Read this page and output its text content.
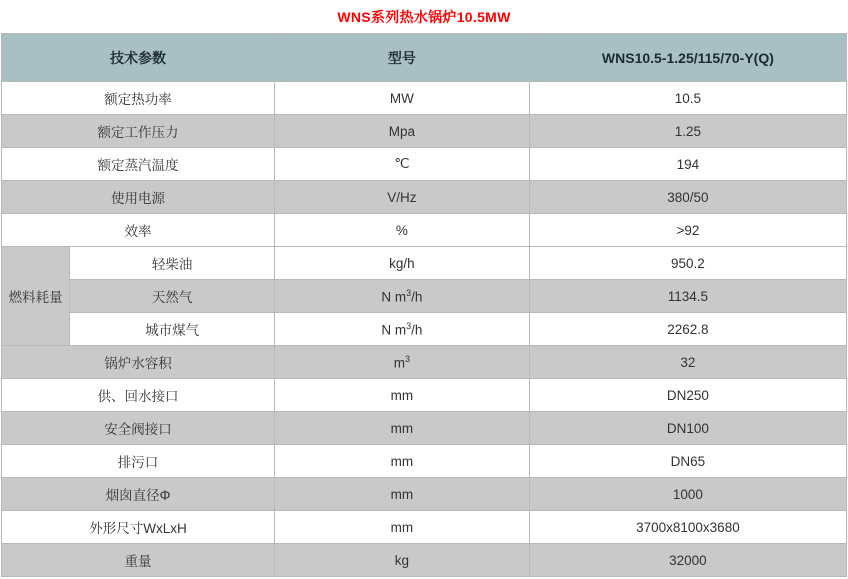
WNS系列热水锅炉10.5MW
技术参数		型号	WNS10.5-1.25/115/70-Y(Q)
额定热功率		MW	10.5
额定工作压力		Mpa	1.25
额定蒸汽温度		℃	194
使用电源		V/Hz	380/50
效率		%	>92
燃料耗量	轻柴油	kg/h	950.2
	天然气	N $m^3/h$	1134.5
	城市煤气	N $m^3/h$	2262.8
锅炉水容积		$m^3$	32
供、回水接口		mm	DN250
安全阀接口		mm	DN100
排污口		mm	DN65
烟囱直径Φ		mm	1000
外形尺寸WxLxH		mm	3700x8100x3680
重量		kg	32000
